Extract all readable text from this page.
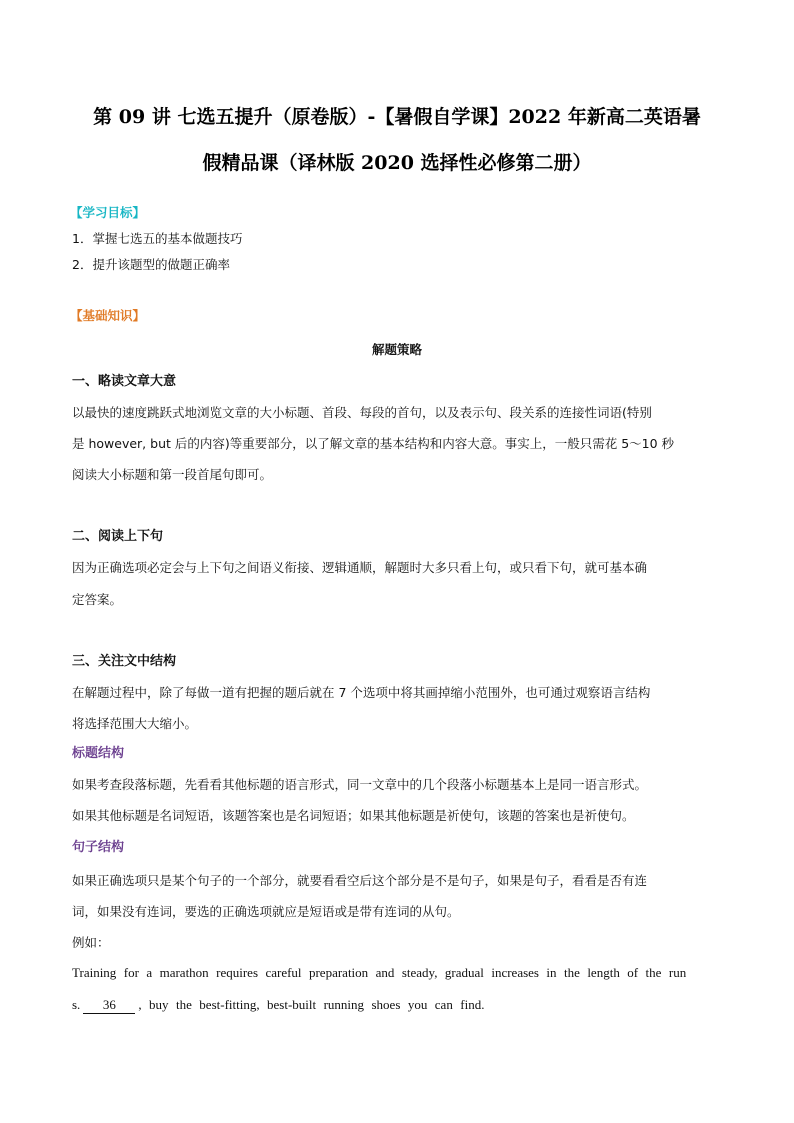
第 09 讲 七选五提升（原卷版）-【暑假自学课】2022 年新高二英语暑
假精品课（译林版 2020 选择性必修第二册）
【学习目标】
1．掌握七选五的基本做题技巧
2．提升该题型的做题正确率
【基础知识】
解题策略
一、略读文章大意
以最快的速度跳跃式地浏览文章的大小标题、首段、每段的首句，以及表示句、段关系的连接性词语(特别
是 however, but 后的内容)等重要部分，以了解文章的基本结构和内容大意。事实上，一般只需花 5～10 秒
阅读大小标题和第一段首尾句即可。
二、阅读上下句
因为正确选项必定会与上下句之间语义衔接、逻辑通顺，解题时大多只看上句，或只看下句，就可基本确
定答案。
三、关注文中结构
在解题过程中，除了每做一道有把握的题后就在 7 个选项中将其画掉缩小范围外，也可通过观察语言结构
将选择范围大大缩小。
标题结构
如果考查段落标题，先看看其他标题的语言形式，同一文章中的几个段落小标题基本上是同一语言形式。
如果其他标题是名词短语，该题答案也是名词短语；如果其他标题是祈使句，该题的答案也是祈使句。
句子结构
如果正确选项只是某个句子的一个部分，就要看看空后这个部分是不是句子，如果是句子，看看是否有连
词，如果没有连词，要选的正确选项就应是短语或是带有连词的从句。
例如：
Training for a marathon requires careful preparation and steady, gradual increases in the length of the run
s. 36 , buy the best-fitting, best-built running shoes you can find.
